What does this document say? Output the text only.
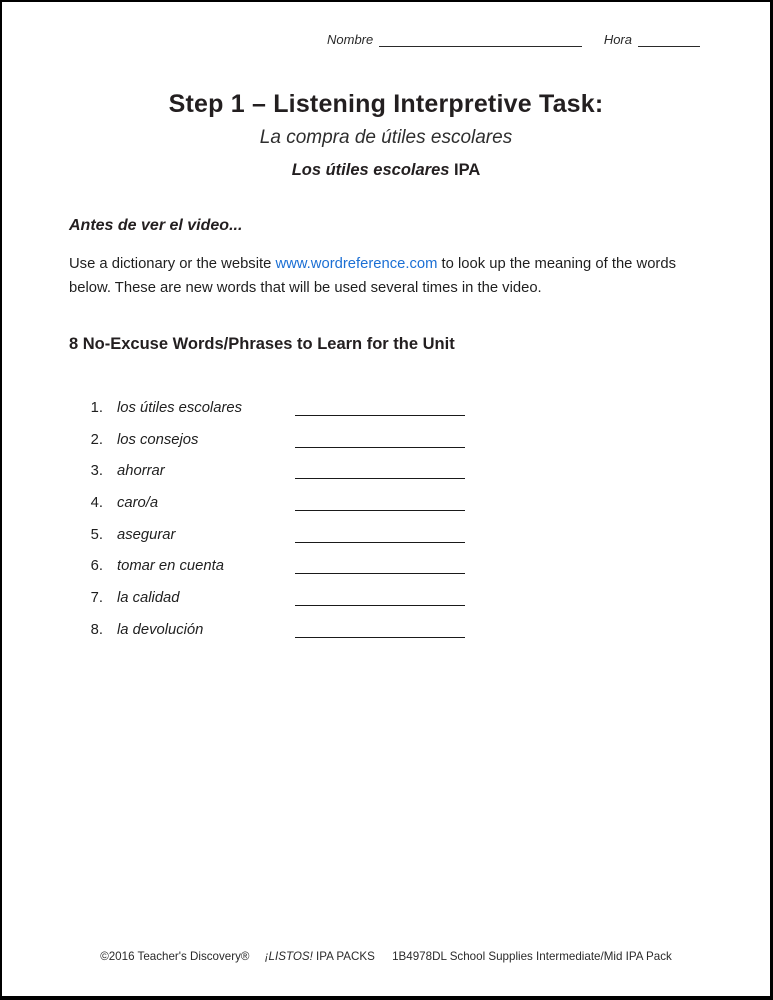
Nombre	Hora
Step 1 – Listening Interpretive Task:
La compra de útiles escolares
Los útiles escolares IPA
Antes de ver el video...
Use a dictionary or the website www.wordreference.com to look up the meaning of the words below. These are new words that will be used several times in the video.
8 No-Excuse Words/Phrases to Learn for the Unit
1. los útiles escolares
2. los consejos
3. ahorrar
4. caro/a
5. asegurar
6. tomar en cuenta
7. la calidad
8. la devolución
©2016 Teacher's Discovery® ¡LISTOS! IPA PACKS 1B4978DL School Supplies Intermediate/Mid IPA Pack
